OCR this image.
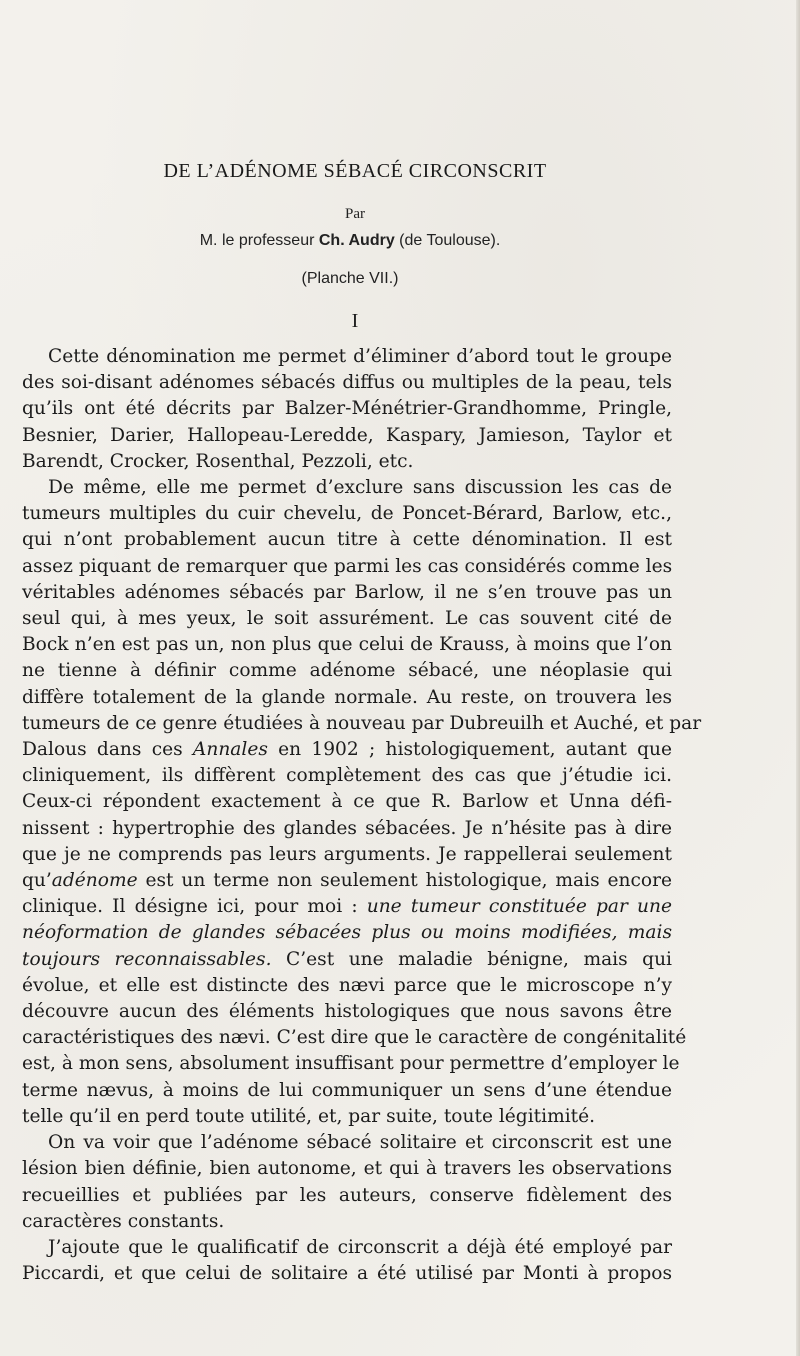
DE L’ADÉNOME SÉBACÉ CIRCONSCRIT
Par
M. le professeur Ch. Audry (de Toulouse).
(Planche VII.)
I
Cette dénomination me permet d’éliminer d’abord tout le groupe
des soi-disant adénomes sébacés diffus ou multiples de la peau, tels
qu’ils ont été décrits par Balzer-Ménétrier-Grandhomme, Pringle,
Besnier, Darier, Hallopeau-Leredde, Kaspary, Jamieson, Taylor et
Barendt, Crocker, Rosenthal, Pezzoli, etc.
De même, elle me permet d’exclure sans discussion les cas de
tumeurs multiples du cuir chevelu, de Poncet-Bérard, Barlow, etc.,
qui n’ont probablement aucun titre à cette dénomination. Il est
assez piquant de remarquer que parmi les cas considérés comme les
véritables adénomes sébacés par Barlow, il ne s’en trouve pas un
seul qui, à mes yeux, le soit assurément. Le cas souvent cité de
Bock n’en est pas un, non plus que celui de Krauss, à moins que l’on
ne tienne à définir comme adénome sébacé, une néoplasie qui
diffère totalement de la glande normale. Au reste, on trouvera les
tumeurs de ce genre étudiées à nouveau par Dubreuilh et Auché, et par
Dalous dans ces Annales en 1902 ; histologiquement, autant que
cliniquement, ils diffèrent complètement des cas que j’étudie ici.
Ceux-ci répondent exactement à ce que R. Barlow et Unna défi-
nissent : hypertrophie des glandes sébacées. Je n’hésite pas à dire
que je ne comprends pas leurs arguments. Je rappellerai seulement
qu’adénome est un terme non seulement histologique, mais encore
clinique. Il désigne ici, pour moi : une tumeur constituée par une
néoformation de glandes sébacées plus ou moins modifiées, mais
toujours reconnaissables. C’est une maladie bénigne, mais qui
évolue, et elle est distincte des nævi parce que le microscope n’y
découvre aucun des éléments histologiques que nous savons être
caractéristiques des nævi. C’est dire que le caractère de congénitalité
est, à mon sens, absolument insuffisant pour permettre d’employer le
terme nævus, à moins de lui communiquer un sens d’une étendue
telle qu’il en perd toute utilité, et, par suite, toute légitimité.
On va voir que l’adénome sébacé solitaire et circonscrit est une
lésion bien définie, bien autonome, et qui à travers les observations
recueillies et publiées par les auteurs, conserve fidèlement des
caractères constants.
J’ajoute que le qualificatif de circonscrit a déjà été employé par
Piccardi, et que celui de solitaire a été utilisé par Monti à propos
